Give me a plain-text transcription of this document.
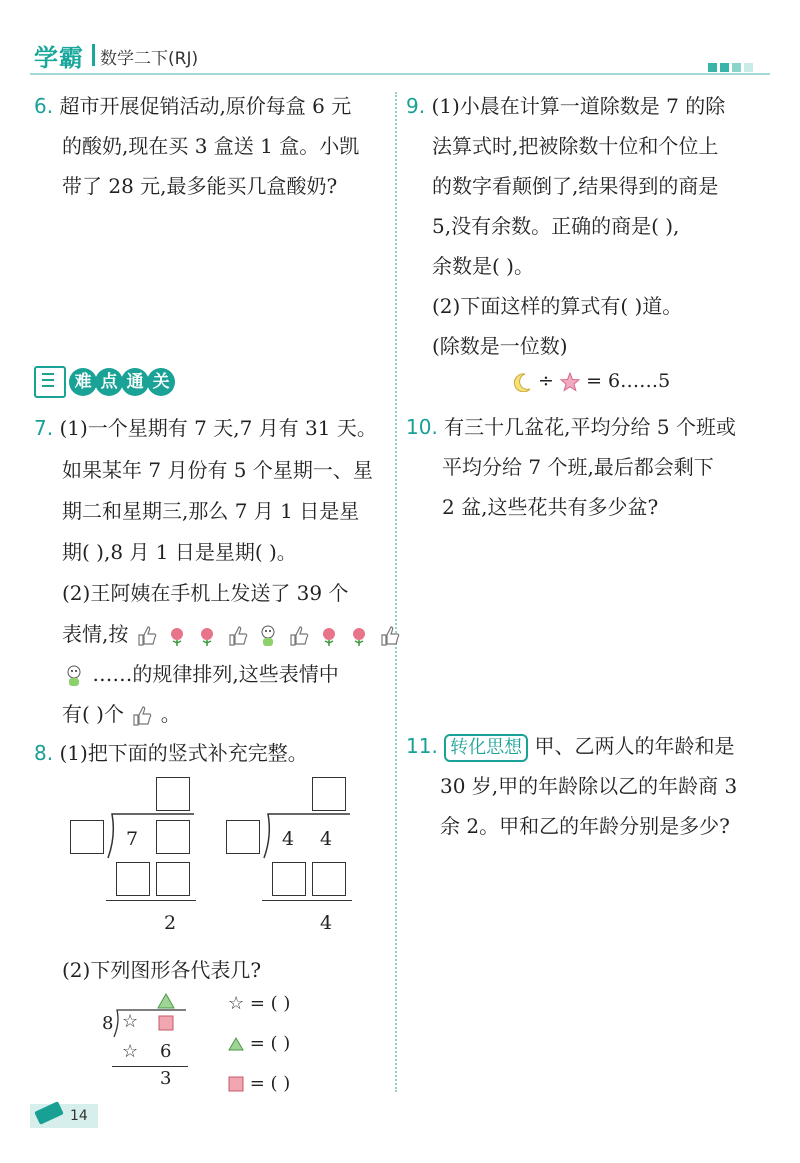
学霸 数学二下(RJ)
6. 超市开展促销活动,原价每盒 6 元
的酸奶,现在买 3 盒送 1 盒。小凯
带了 28 元,最多能买几盒酸奶?
难 点 通 关
7. (1)一个星期有 7 天,7 月有 31 天。
如果某年 7 月份有 5 个星期一、星
期二和星期三,那么 7 月 1 日是星
期( ),8 月 1 日是星期( )。
(2)王阿姨在手机上发送了 39 个
表情,按
……的规律排列,这些表情中
有( )个 。
8. (1)把下面的竖式补充完整。
7
2
4 4
4
(2)下列图形各代表几?
8 ☆
☆ 6
3
☆ = ( )
= ( )
= ( )
9. (1)小晨在计算一道除数是 7 的除
法算式时,把被除数十位和个位上
的数字看颠倒了,结果得到的商是
5,没有余数。正确的商是( ),
余数是( )。
(2)下面这样的算式有( )道。
(除数是一位数)
÷ = 6……5
10. 有三十几盆花,平均分给 5 个班或
平均分给 7 个班,最后都会剩下
2 盆,这些花共有多少盆?
11. 转化思想 甲、乙两人的年龄和是
30 岁,甲的年龄除以乙的年龄商 3
余 2。甲和乙的年龄分别是多少?
14
